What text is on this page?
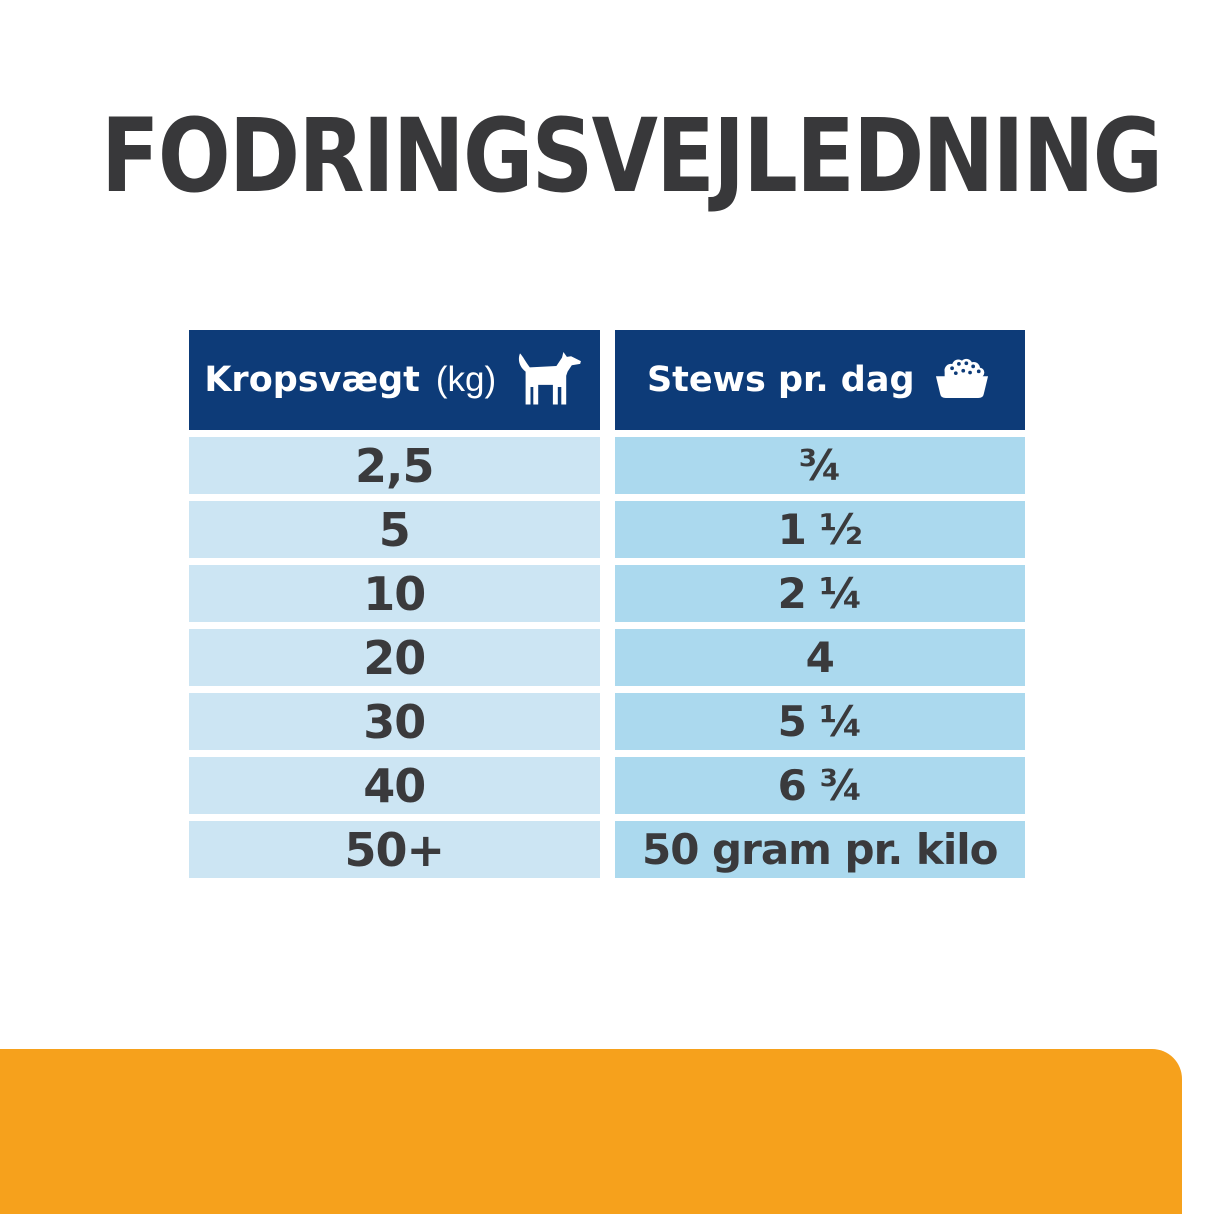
FODRINGSVEJLEDNING
Kropsvægt (kg)	Stews pr. dag
2,5	¾
5	1 ½
10	2 ¼
20	4
30	5 ¼
40	6 ¾
50+	50 gram pr. kilo
